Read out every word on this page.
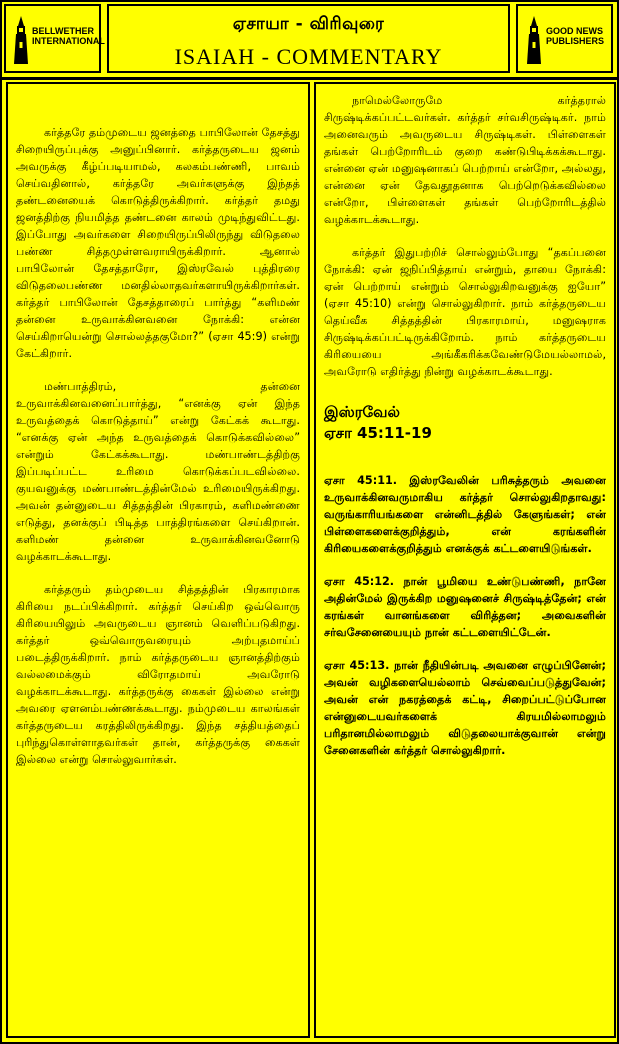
BELLWETHER
INTERNATIONAL
ஏசாயா - விரிவுரை
ISAIAH - COMMENTARY
GOOD NEWS
PUBLISHERS

கர்த்தரே தம்முடைய ஜனத்தை பாபிலோன் தேசத்து சிறையிருப்புக்கு அனுப்பினார். கர்த்தருடைய ஜனம் அவருக்கு கீழ்ப்படியாமல், கலகம்பண்ணி, பாவம் செய்வதினால், கர்த்தரே அவர்களுக்கு இந்தத் தண்டனையைக் கொடுத்திருக்கிறார். கர்த்தர் தமது ஜனத்திற்கு நியமித்த தண்டனை காலம் முடிந்துவிட்டது. இப்போது அவர்களை சிறையிருப்பிலிருந்து விடுதலை பண்ண சித்தமுள்ளவராயிருக்கிறார். ஆனால் பாபிலோன் தேசத்தாரோ, இஸ்ரவேல் புத்திரரை விடுதலைபண்ண மனதில்லாதவர்களாயிருக்கிறார்கள். கர்த்தர் பாபிலோன் தேசத்தாரைப் பார்த்து “களிமண் தன்னை உருவாக்கினவனை நோக்கி: என்ன செய்கிறாயென்று சொல்லத்தகுமோ?” (ஏசா 45:9) என்று கேட்கிறார்.

மண்பாத்திரம், தன்னை உருவாக்கினவனைப்பார்த்து, “எனக்கு ஏன் இந்த உருவத்தைக் கொடுத்தாய்” என்று கேட்கக் கூடாது. “எனக்கு ஏன் அந்த உருவத்தைக் கொடுக்கவில்லை” என்றும் கேட்கக்கூடாது. மண்பாண்டத்திற்கு இப்படிப்பட்ட உரிமை கொடுக்கப்படவில்லை. குயவனுக்கு மண்பாண்டத்தின்மேல் உரிமையிருக்கிறது. அவன் தன்னுடைய சித்தத்தின் பிரகாரம், களிமண்ணை எடுத்து, தனக்குப் பிடித்த பாத்திரங்களை செய்கிறான். களிமண் தன்னை உருவாக்கினவனோடு வழக்காடக்கூடாது.

கர்த்தரும் தம்முடைய சித்தத்தின் பிரகாரமாக கிரியை நடப்பிக்கிறார். கர்த்தர் செய்கிற ஒவ்வொரு கிரியையிலும் அவருடைய ஞானம் வெளிப்படுகிறது. கர்த்தர் ஒவ்வொருவரையும் அற்புதமாய்ப் படைத்திருக்கிறார். நாம் கர்த்தருடைய ஞானத்திற்கும் வல்லமைக்கும் விரோதமாய் அவரோடு வழக்காடக்கூடாது. கர்த்தருக்கு கைகள் இல்லை என்று அவரை ஏளனம்பண்ணக்கூடாது. நம்முடைய காலங்கள் கர்த்தருடைய கரத்திலிருக்கிறது. இந்த சத்தியத்தைப் புரிந்துகொள்ளாதவர்கள் தான், கர்த்தருக்கு கைகள் இல்லை என்று சொல்லுவார்கள்.

நாமெல்லோருமே கர்த்தரால் சிருஷ்டிக்கப்பட்டவர்கள். கர்த்தர் சர்வசிருஷ்டிகர். நாம் அனைவரும் அவருடைய சிருஷ்டிகள். பிள்ளைகள் தங்கள் பெற்றோரிடம் குறை கண்டுபிடிக்கக்கூடாது. என்னை ஏன் மனுஷனாகப் பெற்றாய் என்றோ, அல்லது, என்னை ஏன் தேவதூதனாக பெற்றெடுக்கவில்லை என்றோ, பிள்ளைகள் தங்கள் பெற்றோரிடத்தில் வழக்காடக்கூடாது.

கர்த்தர் இதுபற்றிச் சொல்லும்போது “தகப்பனை நோக்கி: ஏன் ஜநிப்பித்தாய் என்றும், தாயை நோக்கி: ஏன் பெற்றாய் என்றும் சொல்லுகிறவனுக்கு ஐயோ” (ஏசா 45:10) என்று சொல்லுகிறார். நாம் கர்த்தருடைய தெய்வீக சித்தத்தின் பிரகாரமாய், மனுஷராக சிருஷ்டிக்கப்பட்டிருக்கிறோம். நாம் கர்த்தருடைய கிரியையை அங்கீகரிக்கவேண்டுமேயல்லாமல், அவரோடு எதிர்த்து நின்று வழக்காடக்கூடாது.

இஸ்ரவேல்
ஏசா 45:11-19

ஏசா 45:11. இஸ்ரவேலின் பரிசுத்தரும் அவனை உருவாக்கினவருமாகிய கர்த்தர் சொல்லுகிறதாவது: வருங்காரியங்களை என்னிடத்தில் கேளுங்கள்; என் பிள்ளைகளைக்குறித்தும், என் கரங்களின் கிரியைகளைக்குறித்தும் எனக்குக் கட்டளையிடுங்கள்.

ஏசா 45:12. நான் பூமியை உண்டுபண்ணி, நானே அதின்மேல் இருக்கிற மனுஷனைச் சிருஷ்டித்தேன்; என் கரங்கள் வானங்களை விரித்தன; அவைகளின் சர்வசேனையையும் நான் கட்டளையிட்டேன்.

ஏசா 45:13. நான் நீதியின்படி அவனை எழுப்பினேன்; அவன் வழிகளையெல்லாம் செவ்வைப்படுத்துவேன்; அவன் என் நகரத்தைக் கட்டி, சிறைப்பட்டுப்போன என்னுடையவர்களைக் கிரயமில்லாமலும் பரிதானமில்லாமலும் விடுதலையாக்குவான் என்று சேனைகளின் கர்த்தர் சொல்லுகிறார்.
